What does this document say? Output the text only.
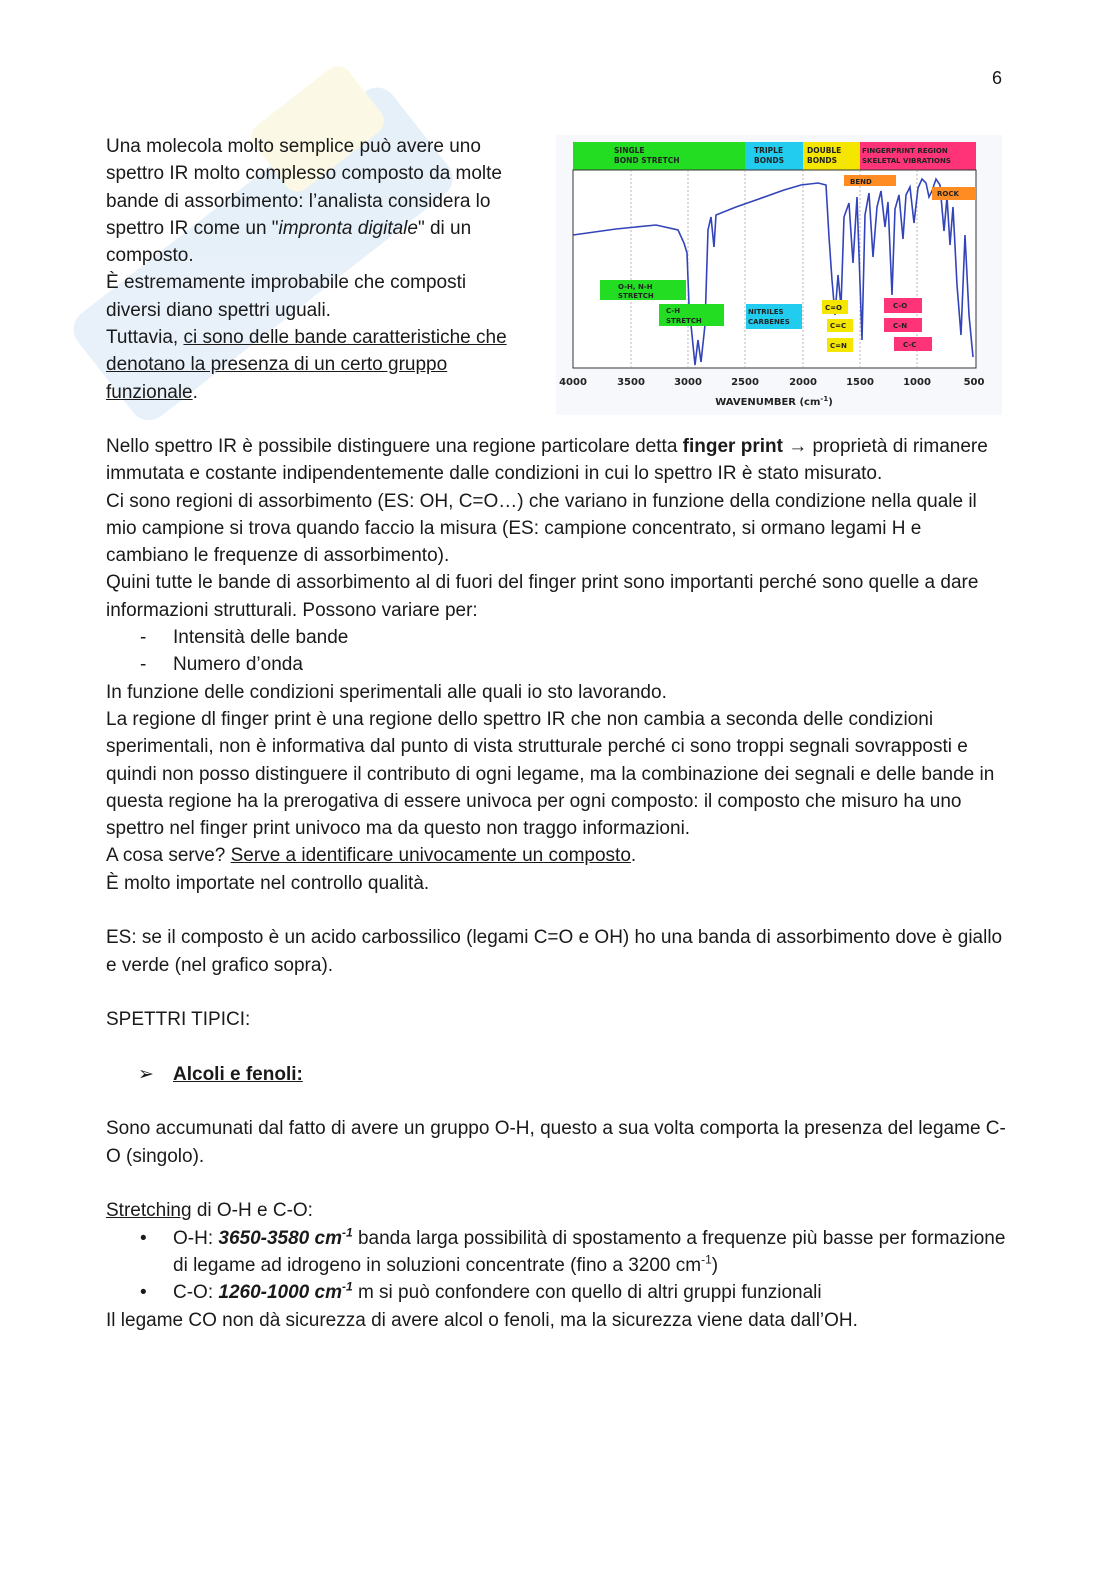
6

Una molecola molto semplice può avere uno spettro IR molto complesso composto da molte bande di assorbimento: l’analista considera lo spettro IR come un "impronta digitale" di un composto.

È estremamente improbabile che composti diversi diano spettri uguali.

Tuttavia, ci sono delle bande caratteristiche che denotano la presenza di un certo gruppo funzionale.

SINGLE
BOND STRETCH
TRIPLE
BONDS
DOUBLE
BONDS
FINGERPRINT REGION
SKELETAL VIBRATIONS
BEND
ROCK
O-H, N-H
STRETCH
C-H
STRETCH
NITRILES
CARBENES
C=O
C=C
C=N
C-O
C-N
C-C
4000	3500	3000	2500	2000	1500	1000	500
WAVENUMBER $(cm^{-1})$

Nello spettro IR è possibile distinguere una regione particolare detta finger print → proprietà di rimanere immutata e costante indipendentemente dalle condizioni in cui lo spettro IR è stato misurato.

Ci sono regioni di assorbimento (ES: OH, C=O…) che variano in funzione della condizione nella quale il mio campione si trova quando faccio la misura (ES: campione concentrato, si ormano legami H e cambiano le frequenze di assorbimento).

Quini tutte le bande di assorbimento al di fuori del finger print sono importanti perché sono quelle a dare informazioni strutturali. Possono variare per:

- Intensità delle bande
- Numero d’onda

In funzione delle condizioni sperimentali alle quali io sto lavorando.

La regione dl finger print è una regione dello spettro IR che non cambia a seconda delle condizioni sperimentali, non è informativa dal punto di vista strutturale perché ci sono troppi segnali sovrapposti e quindi non posso distinguere il contributo di ogni legame, ma la combinazione dei segnali e delle bande in questa regione ha la prerogativa di essere univoca per ogni composto: il composto che misuro ha uno spettro nel finger print univoco ma da questo non traggo informazioni.

A cosa serve? Serve a identificare univocamente un composto.

È molto importate nel controllo qualità.

ES: se il composto è un acido carbossilico (legami C=O e OH) ho una banda di assorbimento dove è giallo e verde (nel grafico sopra).

SPETTRI TIPICI:

➢ Alcoli e fenoli:

Sono accumunati dal fatto di avere un gruppo O-H, questo a sua volta comporta la presenza del legame C-O (singolo).

Stretching di O-H e C-O:

• O-H: 3650-3580 $cm^{-1}$ banda larga possibilità di spostamento a frequenze più basse per formazione di legame ad idrogeno in soluzioni concentrate (fino a 3200 $cm^{-1}$)
• C-O: 1260-1000 $cm^{-1}$ m si può confondere con quello di altri gruppi funzionali

Il legame CO non dà sicurezza di avere alcol o fenoli, ma la sicurezza viene data dall’OH.
